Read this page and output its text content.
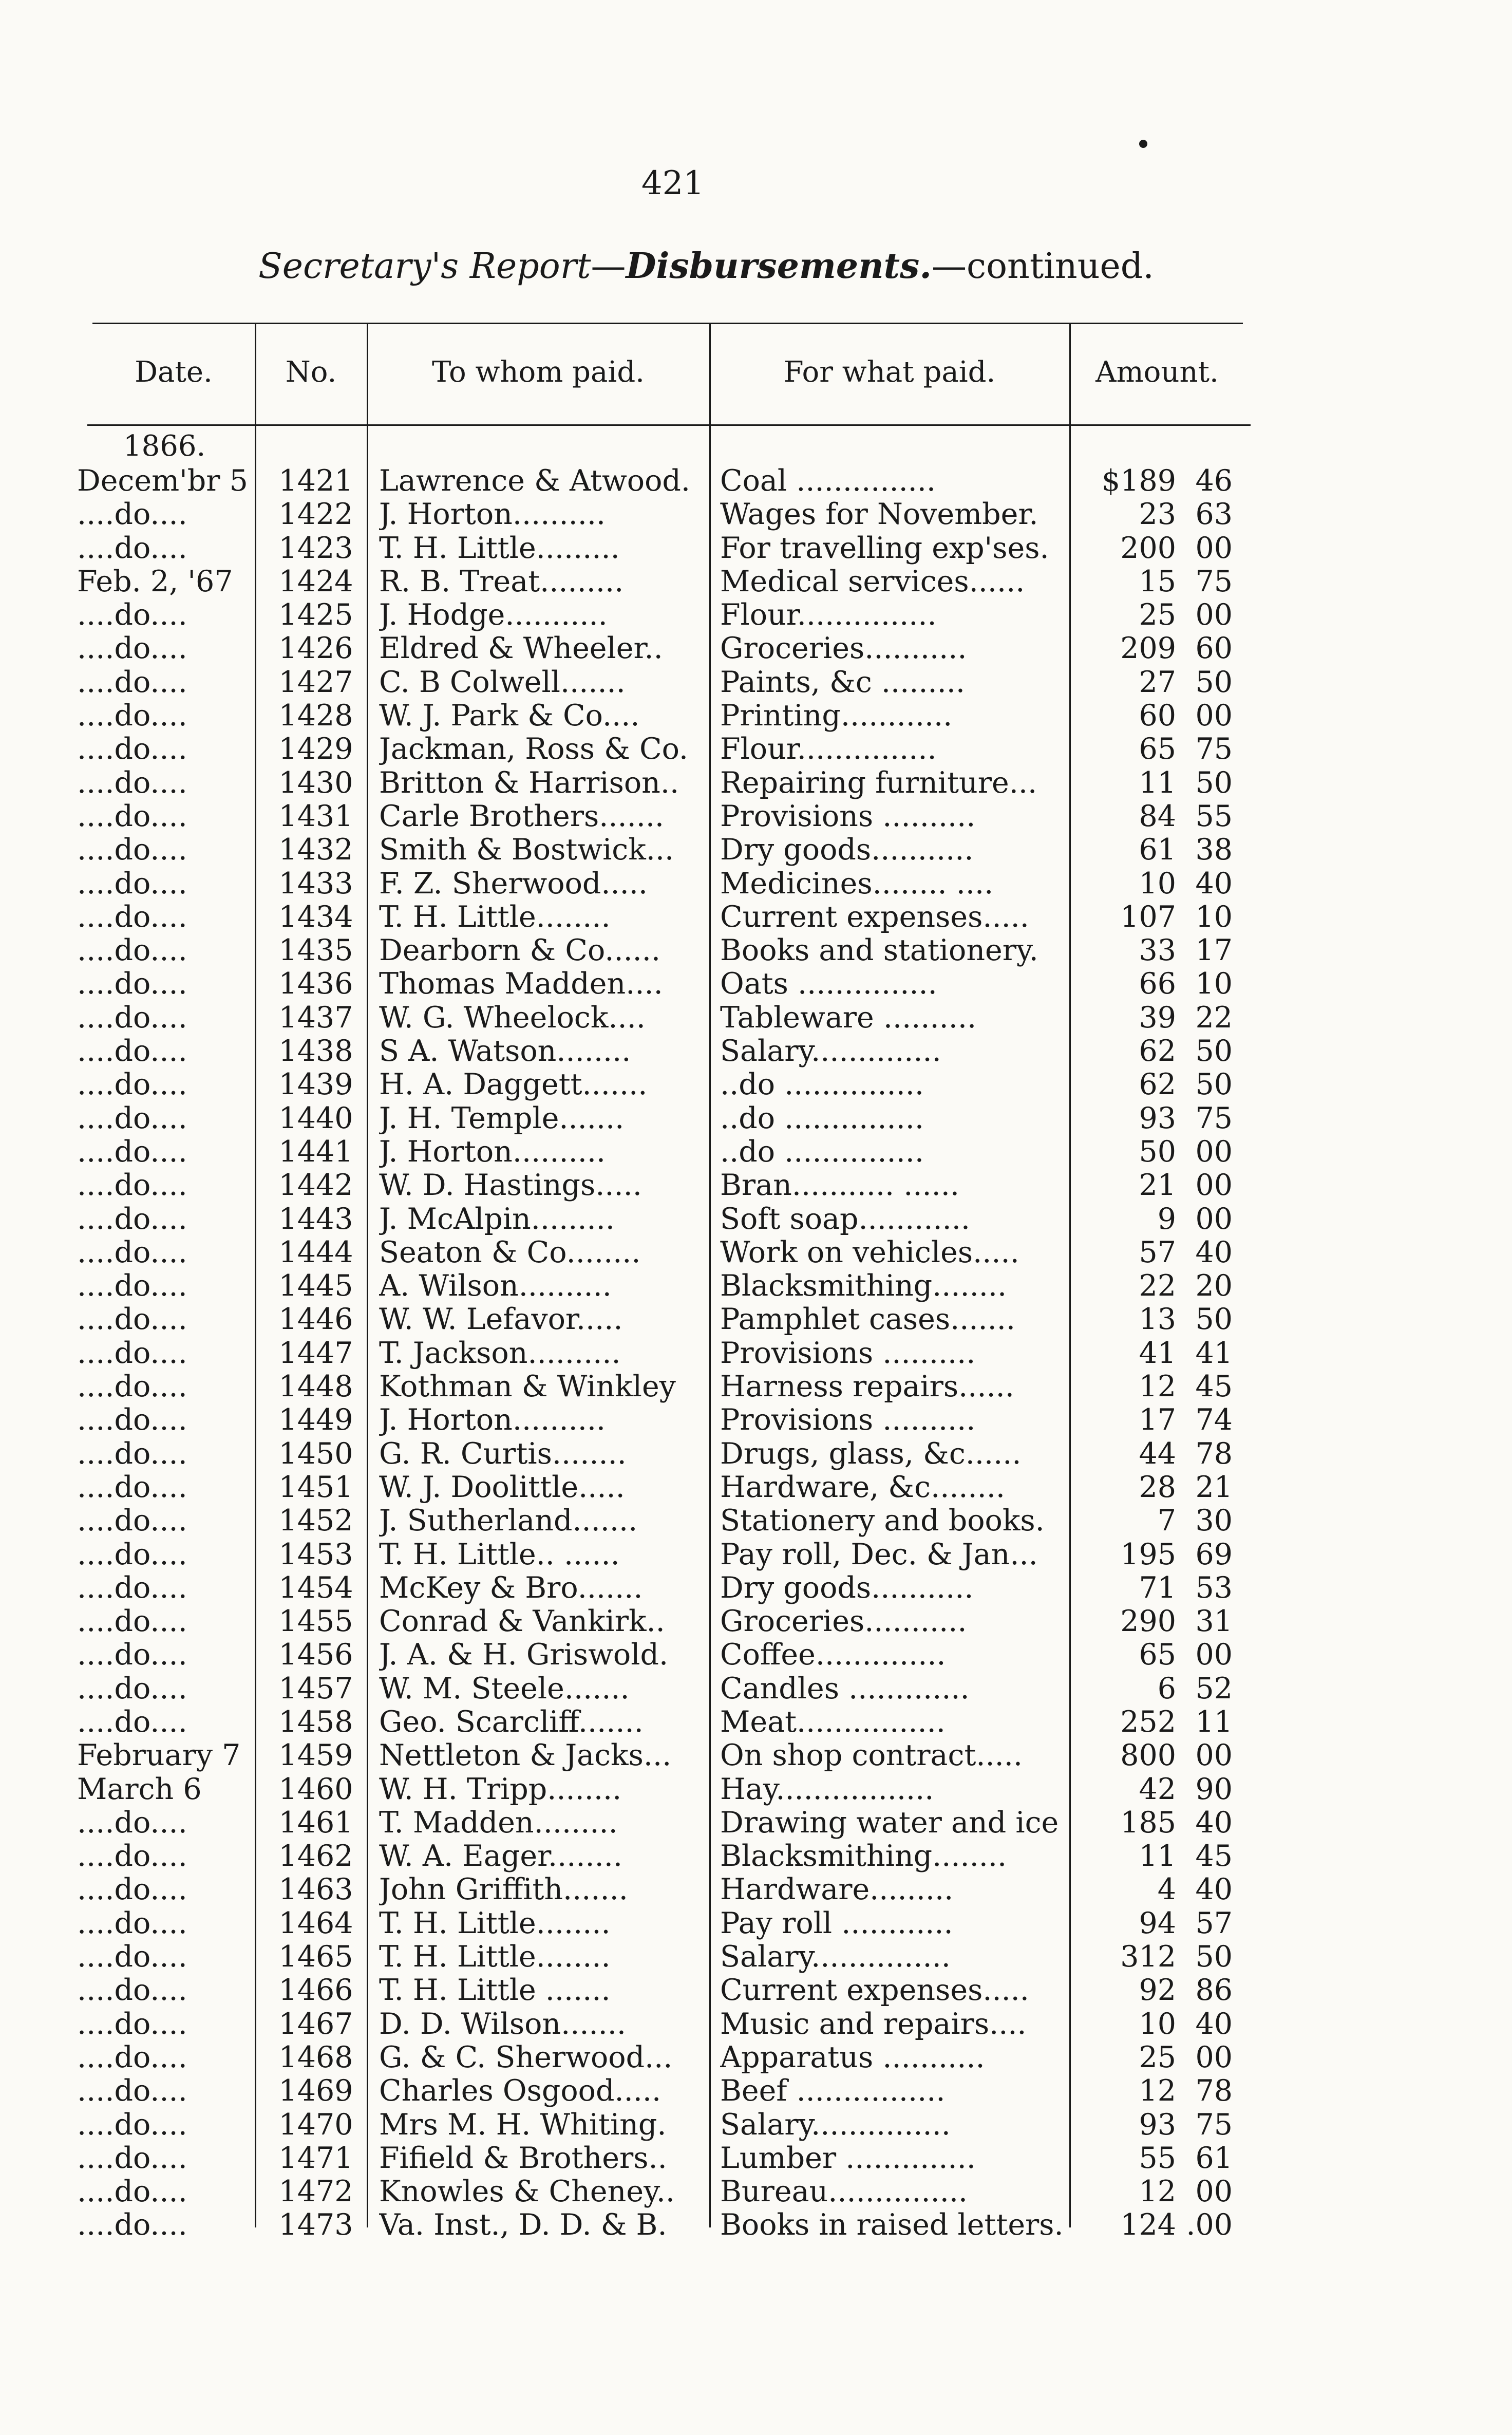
421
Secretary's Report—Disbursements.—continued.
Date.	No.	To whom paid.	For what paid.	Amount.
1866.
Decem'br 5	1421 Lawrence & Atwood. Coal ...............	$189 46
....do....	1422 J. Horton..........	Wages for November.	23 63
....do....	1423 T. H. Little.........	For travelling exp'ses.	200 00
Feb. 2, '67	1424 R. B. Treat.........	Medical services......	15 75
....do....	1425 J. Hodge...........	Flour...............	25 00
....do....	1426 Eldred & Wheeler..	Groceries...........	209 60
....do....	1427 C. B Colwell.......	Paints, &c .........	27 50
....do....	1428 W. J. Park & Co....	Printing............	60 00
....do....	1429 Jackman, Ross & Co.	Flour...............	65 75
....do....	1430 Britton & Harrison..	Repairing furniture...	11 50
....do....	1431 Carle Brothers.......	Provisions ..........	84 55
....do....	1432 Smith & Bostwick...	Dry goods...........	61 38
....do....	1433 F. Z. Sherwood.....	Medicines........ ....	10 40
....do....	1434 T. H. Little........	Current expenses.....	107 10
....do....	1435 Dearborn & Co......	Books and stationery.	33 17
....do....	1436 Thomas Madden....	Oats ...............	66 10
....do....	1437 W. G. Wheelock....	Tableware ..........	39 22
....do....	1438 S A. Watson........	Salary..............	62 50
....do....	1439 H. A. Daggett.......	..do ...............	62 50
....do....	1440 J. H. Temple.......	..do ...............	93 75
....do....	1441 J. Horton..........	..do ...............	50 00
....do....	1442 W. D. Hastings.....	Bran........... ......	21 00
....do....	1443 J. McAlpin.........	Soft soap............	9 00
....do....	1444 Seaton & Co........	Work on vehicles.....	57 40
....do....	1445 A. Wilson..........	Blacksmithing........	22 20
....do....	1446 W. W. Lefavor.....	Pamphlet cases.......	13 50
....do....	1447 T. Jackson..........	Provisions ..........	41 41
....do....	1448 Kothman & Winkley	Harness repairs......	12 45
....do....	1449 J. Horton..........	Provisions ..........	17 74
....do....	1450 G. R. Curtis........	Drugs, glass, &c......	44 78
....do....	1451 W. J. Doolittle.....	Hardware, &c........	28 21
....do....	1452 J. Sutherland.......	Stationery and books.	7 30
....do....	1453 T. H. Little.. ......	Pay roll, Dec. & Jan...	195 69
....do....	1454 McKey & Bro.......	Dry goods...........	71 53
....do....	1455 Conrad & Vankirk..	Groceries...........	290 31
....do....	1456 J. A. & H. Griswold.	Coffee..............	65 00
....do....	1457 W. M. Steele.......	Candles .............	6 52
....do....	1458 Geo. Scarcliff.......	Meat................	252 11
February 7	1459 Nettleton & Jacks...	On shop contract.....	800 00
March 6	1460 W. H. Tripp........	Hay.................	42 90
....do....	1461 T. Madden.........	Drawing water and ice	185 40
....do....	1462 W. A. Eager........	Blacksmithing........	11 45
....do....	1463 John Griffith.......	Hardware.........	4 40
....do....	1464 T. H. Little........	Pay roll ............	94 57
....do....	1465 T. H. Little........	Salary...............	312 50
....do....	1466 T. H. Little .......	Current expenses.....	92 86
....do....	1467 D. D. Wilson.......	Music and repairs....	10 40
....do....	1468 G. & C. Sherwood...	Apparatus ...........	25 00
....do....	1469 Charles Osgood.....	Beef ................	12 78
....do....	1470 Mrs M. H. Whiting.	Salary...............	93 75
....do....	1471 Fifield & Brothers..	Lumber ..............	55 61
....do....	1472 Knowles & Cheney..	Bureau...............	12 00
....do....	1473 Va. Inst., D. D. & B.	Books in raised letters.	124 .00
